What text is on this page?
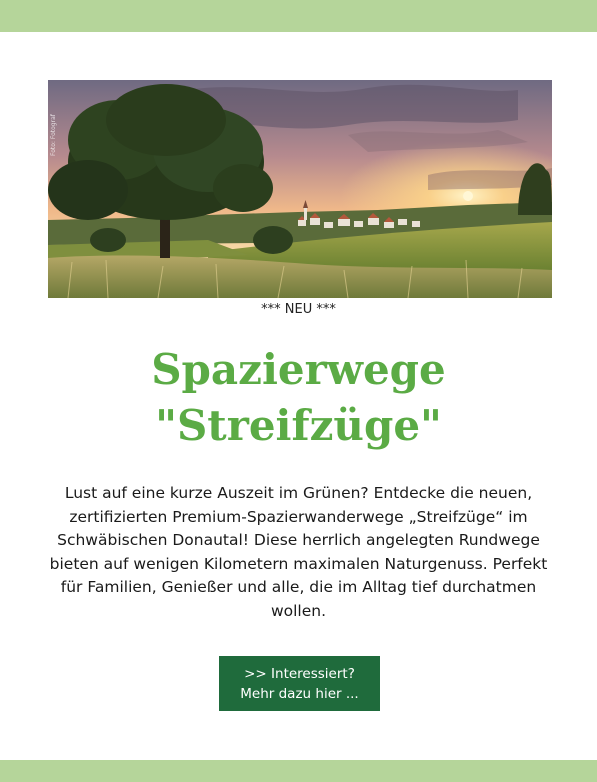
Foto: Fotograf
*** NEU ***
Spazierwege
"Streifzüge"
Lust auf eine kurze Auszeit im Grünen? Entdecke die neuen, zertifizierten Premium-Spazierwanderwege „Streifzüge“ im Schwäbischen Donautal! Diese herrlich angelegten Rundwege bieten auf wenigen Kilometern maximalen Naturgenuss. Perfekt für Familien, Genießer und alle, die im Alltag tief durchatmen wollen.
>> Interessiert?
Mehr dazu hier ...
